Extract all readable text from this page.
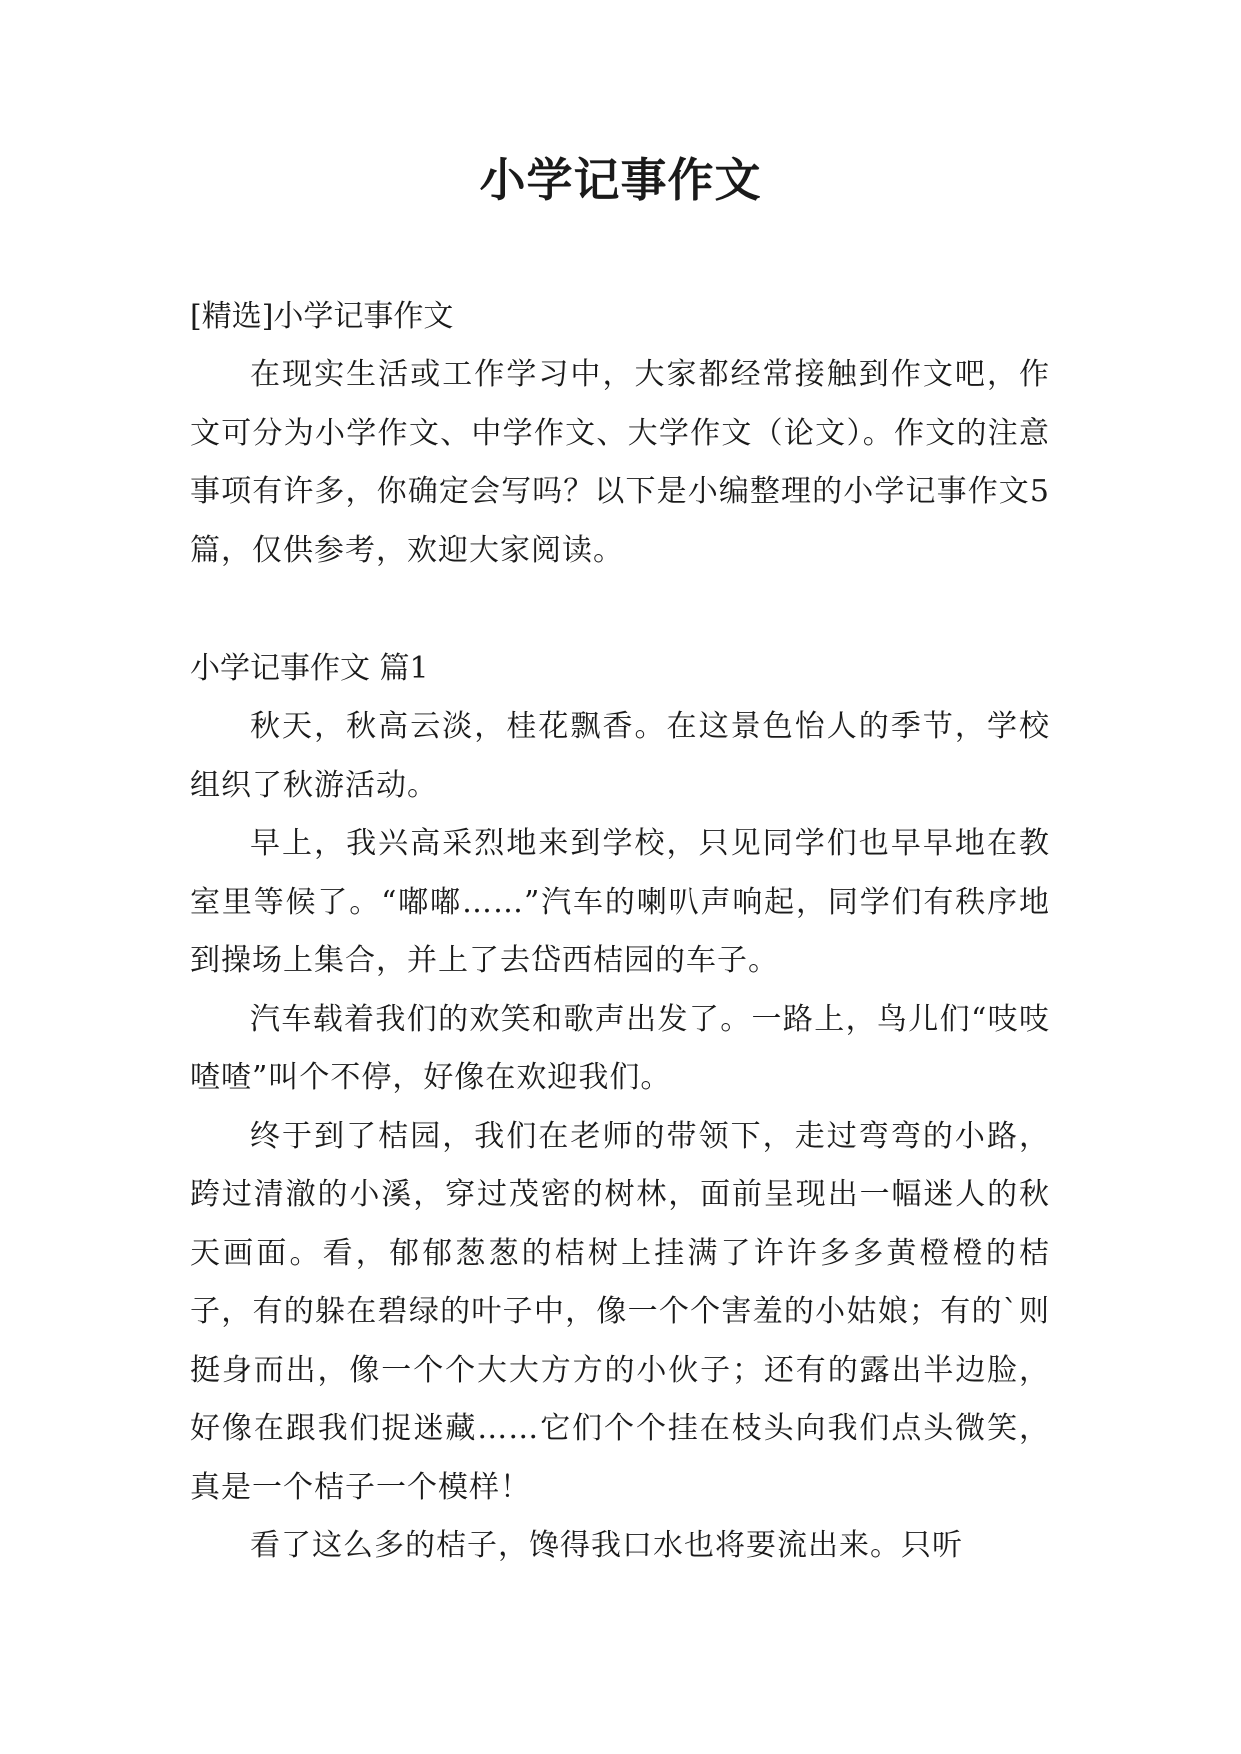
小学记事作文

[精选]小学记事作文

在现实生活或工作学习中，大家都经常接触到作文吧，作文可分为小学作文、中学作文、大学作文（论文）。作文的注意事项有许多，你确定会写吗？以下是小编整理的小学记事作文5篇，仅供参考，欢迎大家阅读。

小学记事作文 篇1

秋天，秋高云淡，桂花飘香。在这景色怡人的季节，学校组织了秋游活动。

早上，我兴高采烈地来到学校，只见同学们也早早地在教室里等候了。“嘟嘟……”汽车的喇叭声响起，同学们有秩序地到操场上集合，并上了去岱西桔园的车子。

汽车载着我们的欢笑和歌声出发了。一路上，鸟儿们“吱吱喳喳”叫个不停，好像在欢迎我们。

终于到了桔园，我们在老师的带领下，走过弯弯的小路，跨过清澈的小溪，穿过茂密的树林，面前呈现出一幅迷人的秋天画面。看，郁郁葱葱的桔树上挂满了许许多多黄橙橙的桔子，有的躲在碧绿的叶子中，像一个个害羞的小姑娘；有的`则挺身而出，像一个个大大方方的小伙子；还有的露出半边脸，好像在跟我们捉迷藏……它们个个挂在枝头向我们点头微笑，真是一个桔子一个模样！

看了这么多的桔子，馋得我口水也将要流出来。只听
